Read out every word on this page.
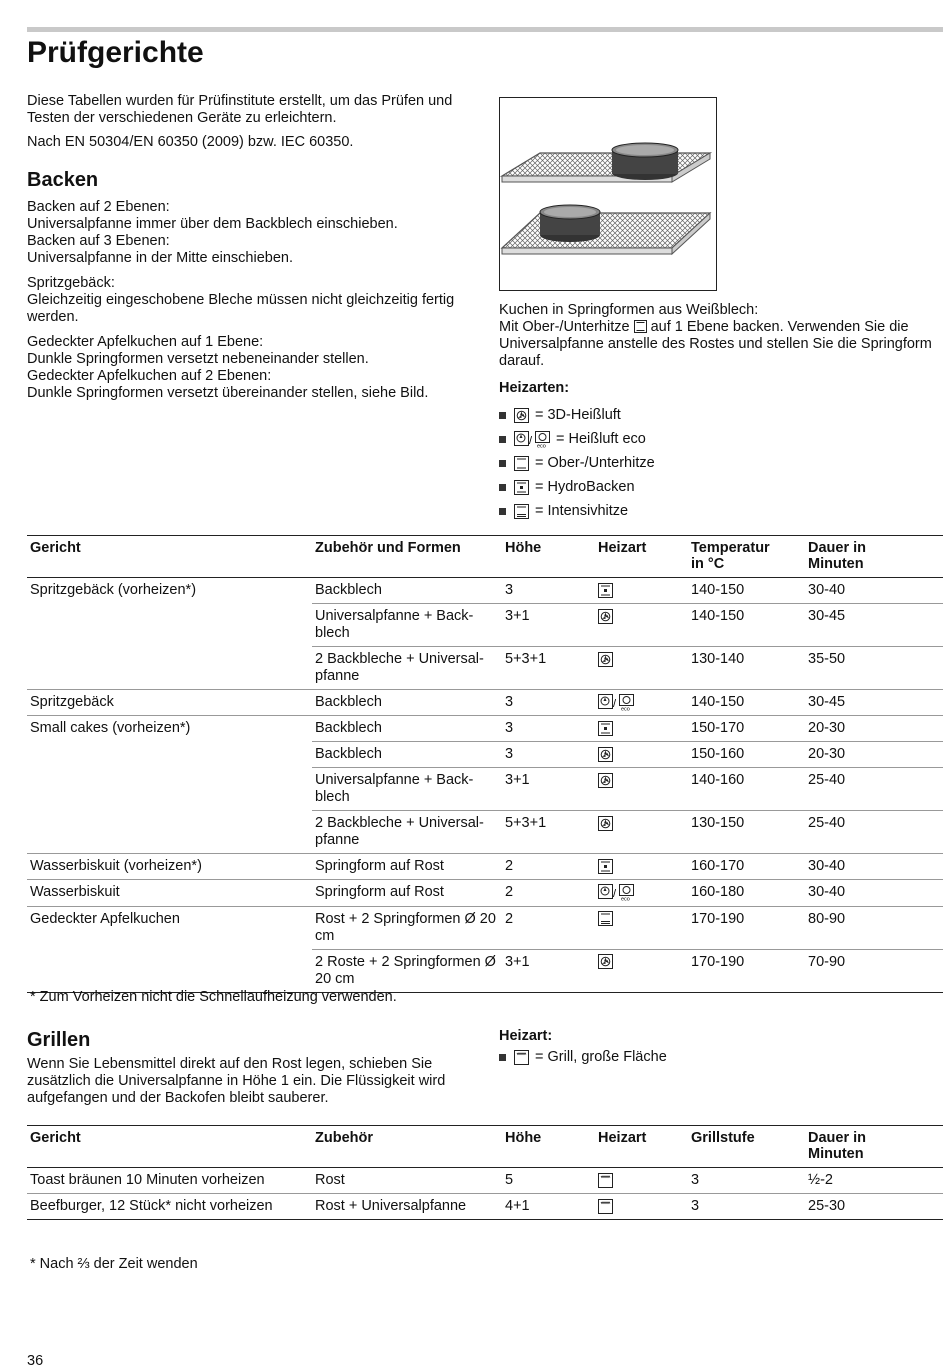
Prüfgerichte

Diese Tabellen wurden für Prüfinstitute erstellt, um das Prüfen und Testen der verschiedenen Geräte zu erleichtern.

Nach EN 50304/EN 60350 (2009) bzw. IEC 60350.

Backen

Backen auf 2 Ebenen:
Universalpfanne immer über dem Backblech einschieben.
Backen auf 3 Ebenen:
Universalpfanne in der Mitte einschieben.

Spritzgebäck:
Gleichzeitig eingeschobene Bleche müssen nicht gleichzeitig fertig werden.

Gedeckter Apfelkuchen auf 1 Ebene:
Dunkle Springformen versetzt nebeneinander stellen.
Gedeckter Apfelkuchen auf 2 Ebenen:
Dunkle Springformen versetzt übereinander stellen, siehe Bild.

Kuchen in Springformen aus Weißblech:
Mit Ober-/Unterhitze auf 1 Ebene backen. Verwenden Sie die Universalpfanne anstelle des Rostes und stellen Sie die Springform darauf.

Heizarten:

= 3D-Heißluft
/ eco = Heißluft eco
= Ober-/Unterhitze
= HydroBacken
= Intensivhitze
Gericht	Zubehör und Formen	Höhe	Heizart	Temperatur in °C	Dauer in Minuten
Spritzgebäck (vorheizen*)	Backblech	3		140-150	30-40
	Universalpfanne + Back-blech	3+1		140-150	30-45
	2 Backbleche + Universal-pfanne	5+3+1		130-140	35-50
Spritzgebäck	Backblech	3	/ eco	140-150	30-45
Small cakes (vorheizen*)	Backblech	3		150-170	20-30
	Backblech	3		150-160	20-30
	Universalpfanne + Back-blech	3+1		140-160	25-40
	2 Backbleche + Universal-pfanne	5+3+1		130-150	25-40
Wasserbiskuit (vorheizen*)	Springform auf Rost	2		160-170	30-40
Wasserbiskuit	Springform auf Rost	2	/ eco	160-180	30-40
Gedeckter Apfelkuchen	Rost + 2 Springformen Ø 20 cm	2		170-190	80-90
	2 Roste + 2 Springformen Ø 20 cm	3+1		170-190	70-90
* Zum Vorheizen nicht die Schnellaufheizung verwenden.
Grillen
Wenn Sie Lebensmittel direkt auf den Rost legen, schieben Sie zusätzlich die Universalpfanne in Höhe 1 ein. Die Flüssigkeit wird aufgefangen und der Backofen bleibt sauberer.

Heizart:

= Grill, große Fläche
Gericht	Zubehör	Höhe	Heizart	Grillstufe	Dauer in Minuten
Toast bräunen 10 Minuten vorheizen	Rost	5		3	½-2
Beefburger, 12 Stück* nicht vorheizen	Rost + Universalpfanne	4+1		3	25-30
* Nach ⅔ der Zeit wenden
36
